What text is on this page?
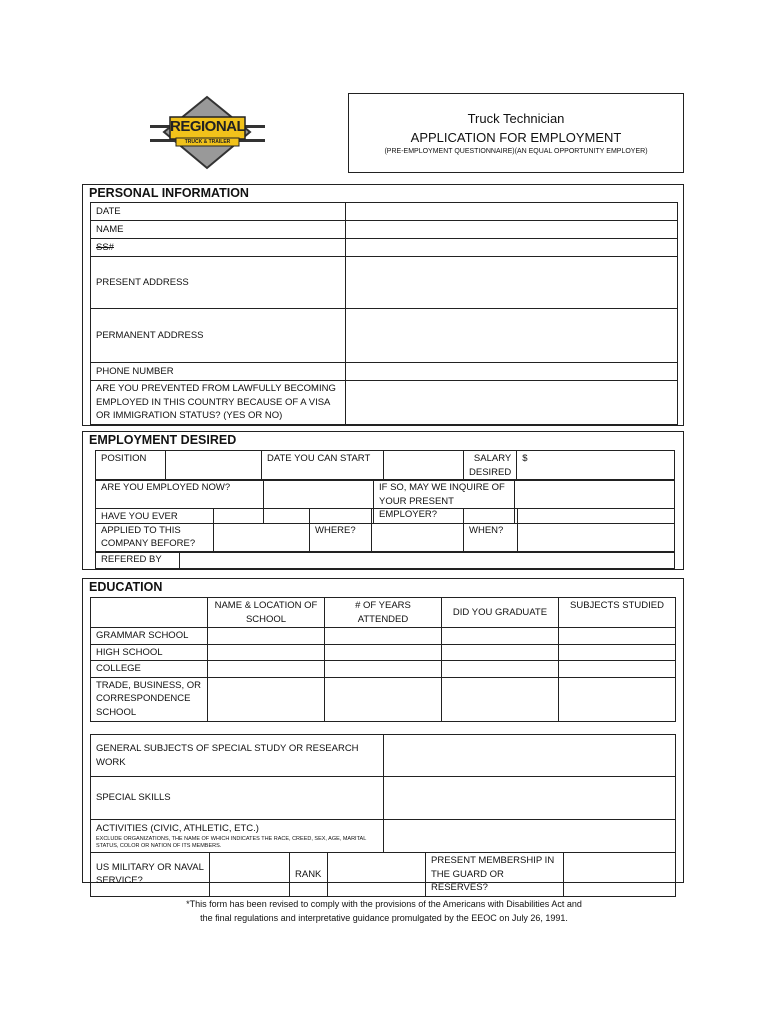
REGIONAL
TRUCK & TRAILER
Truck Technician
APPLICATION FOR EMPLOYMENT
(PRE-EMPLOYMENT QUESTIONNAIRE)(AN EQUAL OPPORTUNITY EMPLOYER)
PERSONAL INFORMATION
DATE	
NAME	
SS#	
PRESENT ADDRESS	
PERMANENT ADDRESS	
PHONE NUMBER	
ARE YOU PREVENTED FROM LAWFULLY BECOMING EMPLOYED IN THIS COUNTRY BECAUSE OF A VISA OR IMMIGRATION STATUS? (YES OR NO)	
EMPLOYMENT DESIRED
POSITION		DATE YOU CAN START		SALARY DESIRED	$
ARE YOU EMPLOYED NOW?		IF SO, MAY WE INQUIRE OF YOUR PRESENT EMPLOYER?	
HAVE YOU EVER APPLIED TO THIS COMPANY BEFORE?		WHERE?		WHEN?	
REFERED BY	
EDUCATION
	NAME & LOCATION OF SCHOOL	# OF YEARS ATTENDED	DID YOU GRADUATE	SUBJECTS STUDIED
GRAMMAR SCHOOL				
HIGH SCHOOL				
COLLEGE				
TRADE, BUSINESS, OR CORRESPONDENCE SCHOOL				
GENERAL SUBJECTS OF SPECIAL STUDY OR RESEARCH WORK	
SPECIAL SKILLS	
ACTIVITIES (CIVIC, ATHLETIC, ETC.)
EXCLUDE ORGANIZATIONS, THE NAME OF WHICH INDICATES THE RACE, CREED, SEX, AGE, MARITAL STATUS, COLOR OR NATION OF ITS MEMBERS.	

US MILITARY OR NAVAL SERVICE?		RANK		PRESENT MEMBERSHIP IN THE GUARD OR RESERVES?	
*This form has been revised to comply with the provisions of the Americans with Disabilities Act and
the final regulations and interpretative guidance promulgated by the EEOC on July 26, 1991.
